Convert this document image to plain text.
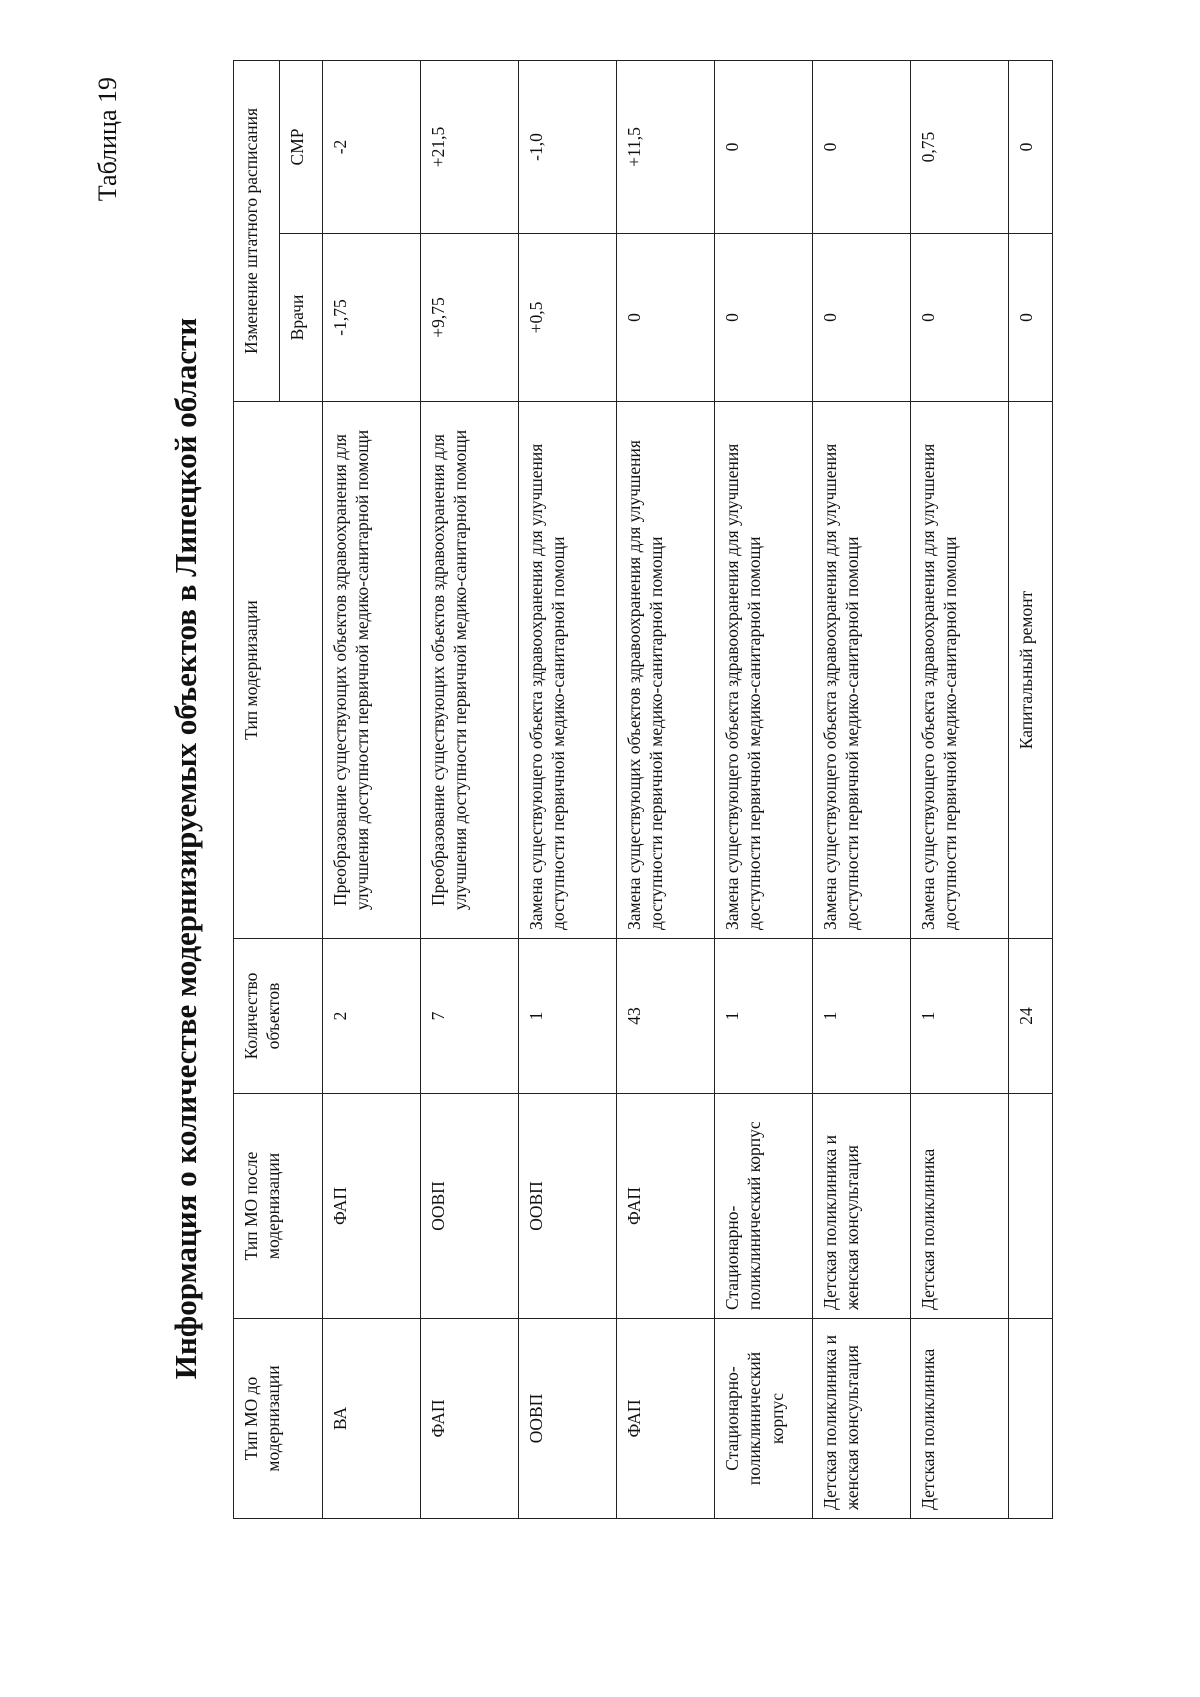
Таблица 19

Информация о количестве модернизируемых объектов в Липецкой области
Тип МО до модернизации	Тип МО после модернизации	Количество объектов	Тип модернизации	Изменение штатного расписания	
				Врачи	СМР
ВА	ФАП	2	Преобразование существующих объектов здравоохранения для улучшения доступности первичной медико-санитарной помощи	-1,75	-2
ФАП	ООВП	7	Преобразование существующих объектов здравоохранения для улучшения доступности первичной медико-санитарной помощи	+9,75	+21,5
ООВП	ООВП	1	Замена существующего объекта здравоохранения для улучшения доступности первичной медико-санитарной помощи	+0,5	-1,0
ФАП	ФАП	43	Замена существующих объектов здравоохранения для улучшения доступности первичной медико-санитарной помощи	0	+11,5
Стационарно-поликлинический корпус	Стационарно-поликлинический корпус	1	Замена существующего объекта здравоохранения для улучшения доступности первичной медико-санитарной помощи	0	0
Детская поликлиника и женская консультация	Детская поликлиника и женская консультация	1	Замена существующего объекта здравоохранения для улучшения доступности первичной медико-санитарной помощи	0	0
Детская поликлиника	Детская поликлиника	1	Замена существующего объекта здравоохранения для улучшения доступности первичной медико-санитарной помощи	0	0,75
		24	Капитальный ремонт	0	0
